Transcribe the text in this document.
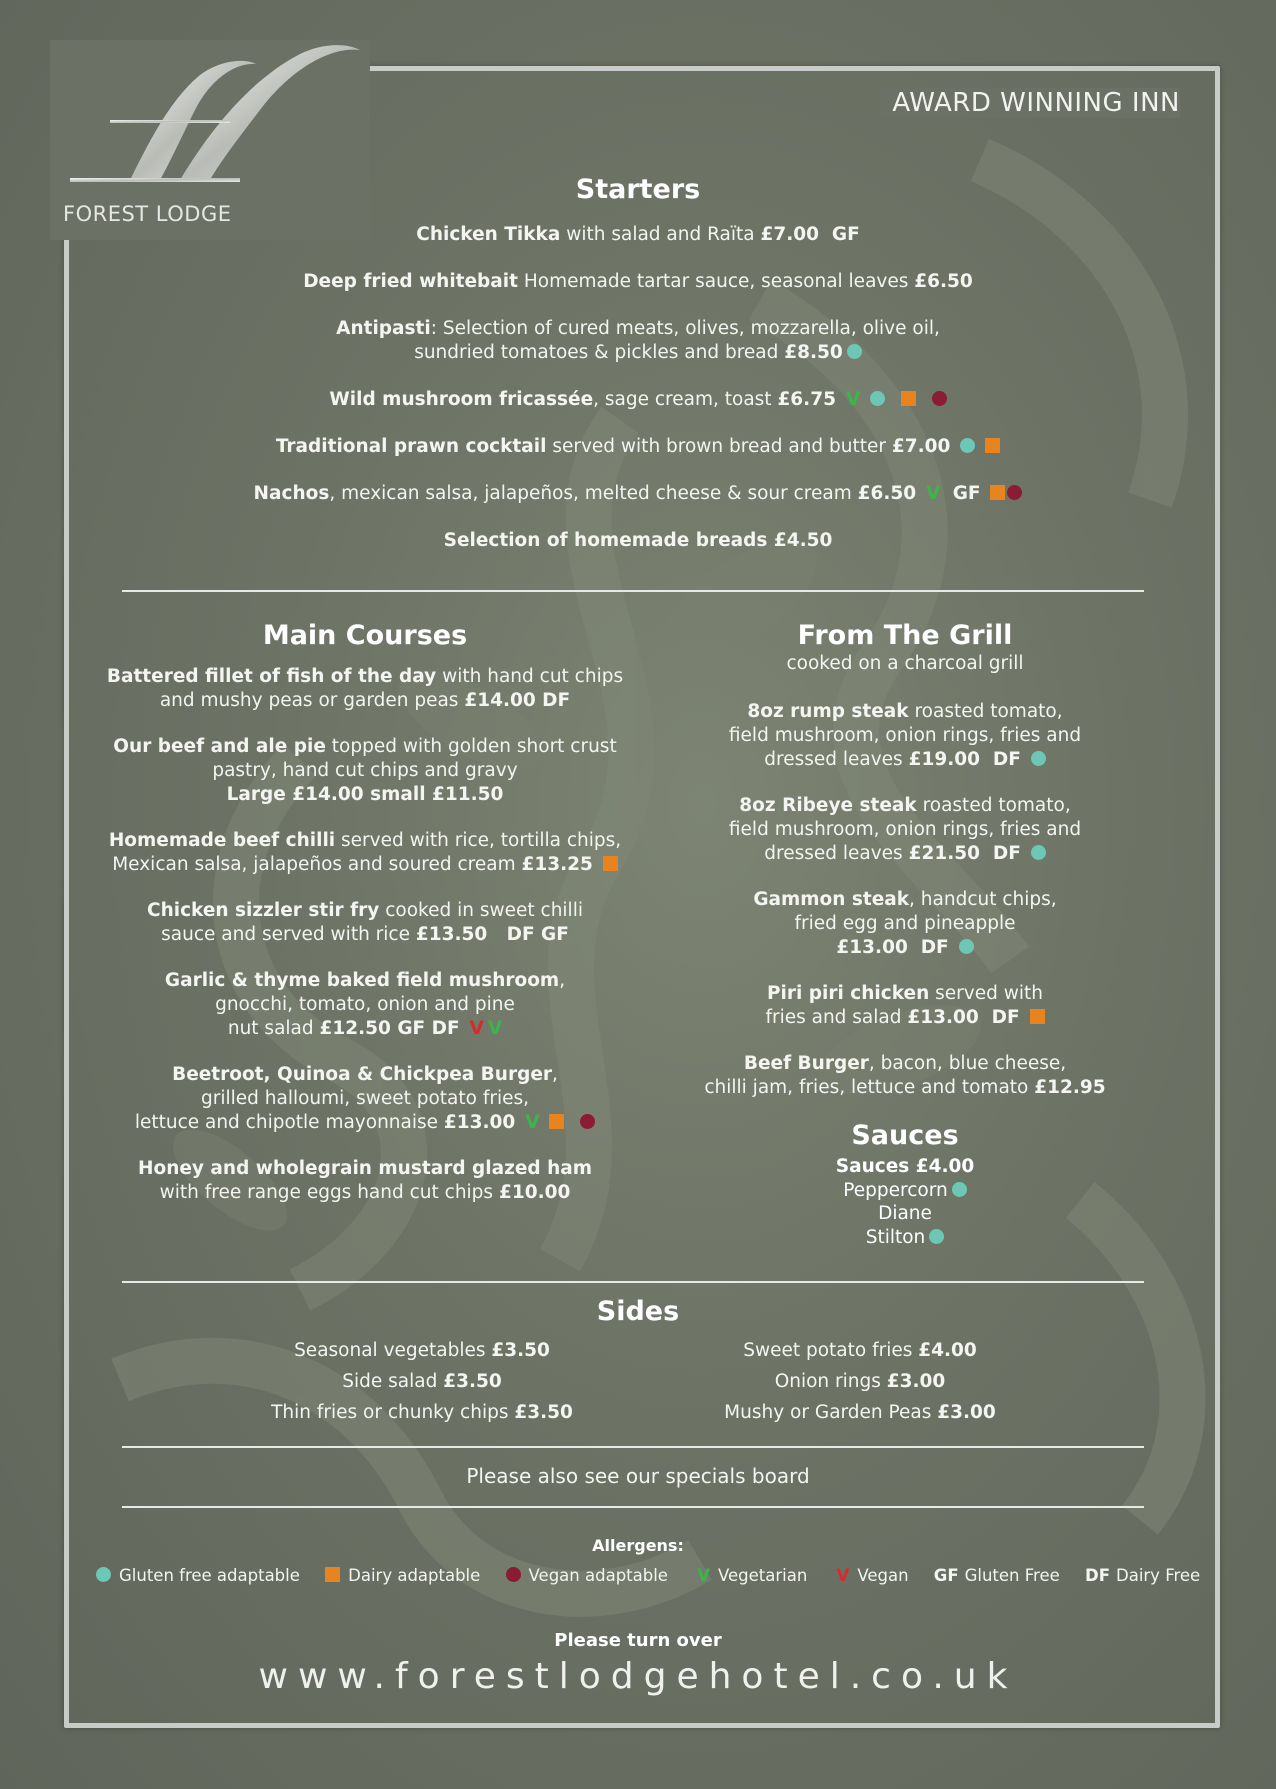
FOREST LODGE
AWARD WINNING INN
Starters
Chicken Tikka with salad and Raïta £7.00 GF
Deep fried whitebait Homemade tartar sauce, seasonal leaves £6.50
Antipasti: Selection of cured meats, olives, mozzarella, olive oil,
sundried tomatoes & pickles and bread £8.50
Wild mushroom fricassée, sage cream, toast £6.75 V
Traditional prawn cocktail served with brown bread and butter £7.00
Nachos, mexican salsa, jalapeños, melted cheese & sour cream £6.50 V GF
Selection of homemade breads £4.50
Main Courses
Battered fillet of fish of the day with hand cut chips
and mushy peas or garden peas £14.00 DF
Our beef and ale pie topped with golden short crust
pastry, hand cut chips and gravy
Large £14.00 small £11.50
Homemade beef chilli served with rice, tortilla chips,
Mexican salsa, jalapeños and soured cream £13.25
Chicken sizzler stir fry cooked in sweet chilli
sauce and served with rice £13.50   DF GF
Garlic & thyme baked field mushroom,
gnocchi, tomato, onion and pine
nut salad £12.50 GF DF V V
Beetroot, Quinoa & Chickpea Burger,
grilled halloumi, sweet potato fries,
lettuce and chipotle mayonnaise £13.00 V
Honey and wholegrain mustard glazed ham
with free range eggs hand cut chips £10.00
From The Grill
cooked on a charcoal grill
8oz rump steak roasted tomato,
field mushroom, onion rings, fries and
dressed leaves £19.00  DF
8oz Ribeye steak roasted tomato,
field mushroom, onion rings, fries and
dressed leaves £21.50  DF
Gammon steak, handcut chips,
fried egg and pineapple
£13.00  DF
Piri piri chicken served with
fries and salad £13.00  DF
Beef Burger, bacon, blue cheese,
chilli jam, fries, lettuce and tomato £12.95
Sauces
Sauces £4.00
Peppercorn
Diane
Stilton
Sides
Seasonal vegetables £3.50
Side salad £3.50
Thin fries or chunky chips £3.50
Sweet potato fries £4.00
Onion rings £3.00
Mushy or Garden Peas £3.00
Please also see our specials board
Allergens:
Gluten free adaptable	Dairy adaptable	Vegan adaptable V Vegetarian V Vegan GF Gluten Free DF Dairy Free
Please turn over
www.forestlodgehotel.co.uk
